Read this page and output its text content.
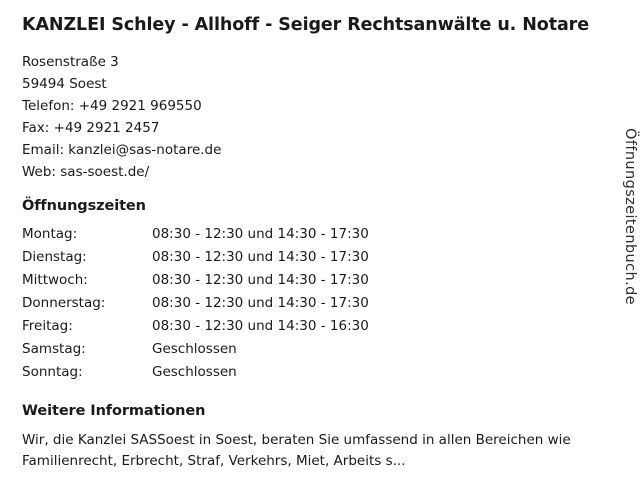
KANZLEI Schley - Allhoff - Seiger Rechtsanwälte u. Notare
Rosenstraße 3
59494 Soest
Telefon: +49 2921 969550
Fax: +49 2921 2457
Email: kanzlei@sas-notare.de
Web: sas-soest.de/
Öffnungszeiten
Montag:	08:30 - 12:30 und 14:30 - 17:30
Dienstag:	08:30 - 12:30 und 14:30 - 17:30
Mittwoch:	08:30 - 12:30 und 14:30 - 17:30
Donnerstag:	08:30 - 12:30 und 14:30 - 17:30
Freitag:	08:30 - 12:30 und 14:30 - 16:30
Samstag:	Geschlossen
Sonntag:	Geschlossen
Weitere Informationen
Wir, die Kanzlei SASSoest in Soest, beraten Sie umfassend in allen Bereichen wie Familienrecht, Erbrecht, Straf, Verkehrs, Miet, Arbeits s...
Öffnungszeitenbuch.de
